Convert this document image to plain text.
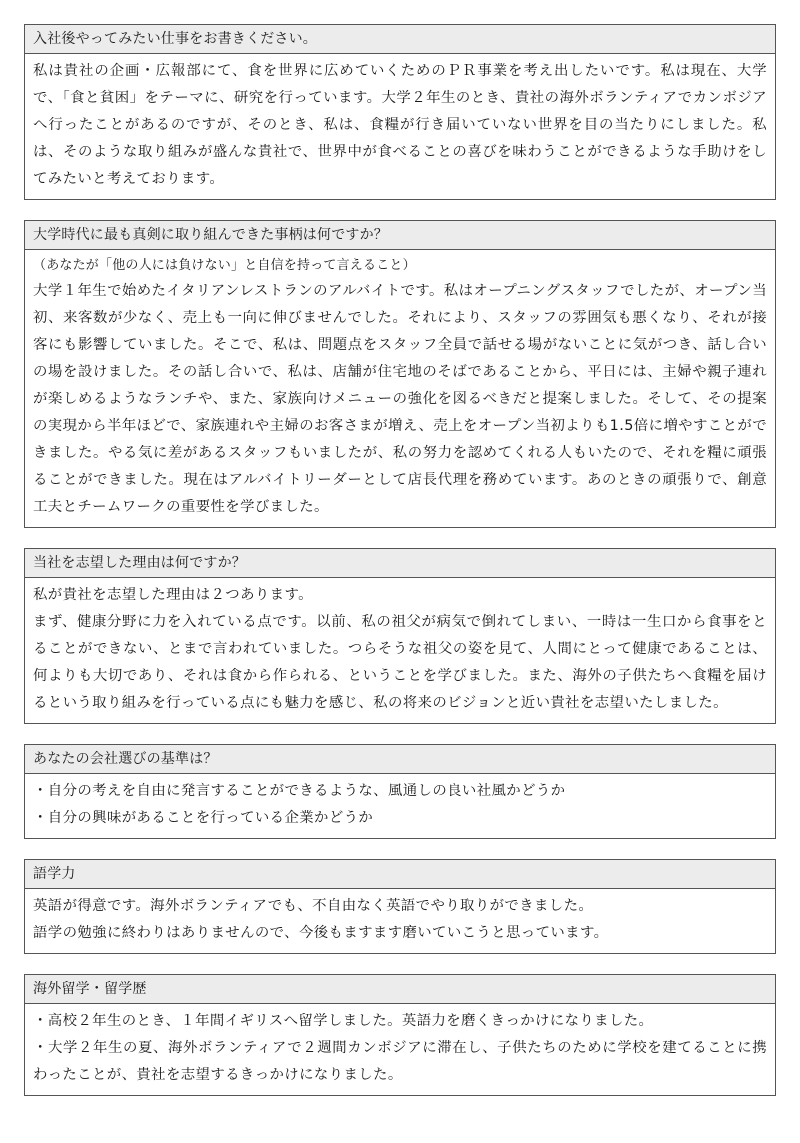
入社後やってみたい仕事をお書きください。

私は貴社の企画・広報部にて、食を世界に広めていくためのＰＲ事業を考え出したいです。私は現在、大学で、「食と貧困」をテーマに、研究を行っています。大学２年生のとき、貴社の海外ボランティアでカンボジアへ行ったことがあるのですが、そのとき、私は、食糧が行き届いていない世界を目の当たりにしました。私は、そのような取り組みが盛んな貴社で、世界中が食べることの喜びを味わうことができるような手助けをしてみたいと考えております。

大学時代に最も真剣に取り組んできた事柄は何ですか？

（あなたが「他の人には負けない」と自信を持って言えること）

大学１年生で始めたイタリアンレストランのアルバイトです。私はオープニングスタッフでしたが、オープン当初、来客数が少なく、売上も一向に伸びませんでした。それにより、スタッフの雰囲気も悪くなり、それが接客にも影響していました。そこで、私は、問題点をスタッフ全員で話せる場がないことに気がつき、話し合いの場を設けました。その話し合いで、私は、店舗が住宅地のそばであることから、平日には、主婦や親子連れが楽しめるようなランチや、また、家族向けメニューの強化を図るべきだと提案しました。そして、その提案の実現から半年ほどで、家族連れや主婦のお客さまが増え、売上をオープン当初よりも1.5倍に増やすことができました。やる気に差があるスタッフもいましたが、私の努力を認めてくれる人もいたので、それを糧に頑張ることができました。現在はアルバイトリーダーとして店長代理を務めています。あのときの頑張りで、創意工夫とチームワークの重要性を学びました。

当社を志望した理由は何ですか？

私が貴社を志望した理由は２つあります。

まず、健康分野に力を入れている点です。以前、私の祖父が病気で倒れてしまい、一時は一生口から食事をとることができない、とまで言われていました。つらそうな祖父の姿を見て、人間にとって健康であることは、何よりも大切であり、それは食から作られる、ということを学びました。また、海外の子供たちへ食糧を届けるという取り組みを行っている点にも魅力を感じ、私の将来のビジョンと近い貴社を志望いたしました。

あなたの会社選びの基準は？

・自分の考えを自由に発言することができるような、風通しの良い社風かどうか

・自分の興味があることを行っている企業かどうか

語学力

英語が得意です。海外ボランティアでも、不自由なく英語でやり取りができました。

語学の勉強に終わりはありませんので、今後もますます磨いていこうと思っています。

海外留学・留学歴

・高校２年生のとき、１年間イギリスへ留学しました。英語力を磨くきっかけになりました。

・大学２年生の夏、海外ボランティアで２週間カンボジアに滞在し、子供たちのために学校を建てることに携わったことが、貴社を志望するきっかけになりました。
